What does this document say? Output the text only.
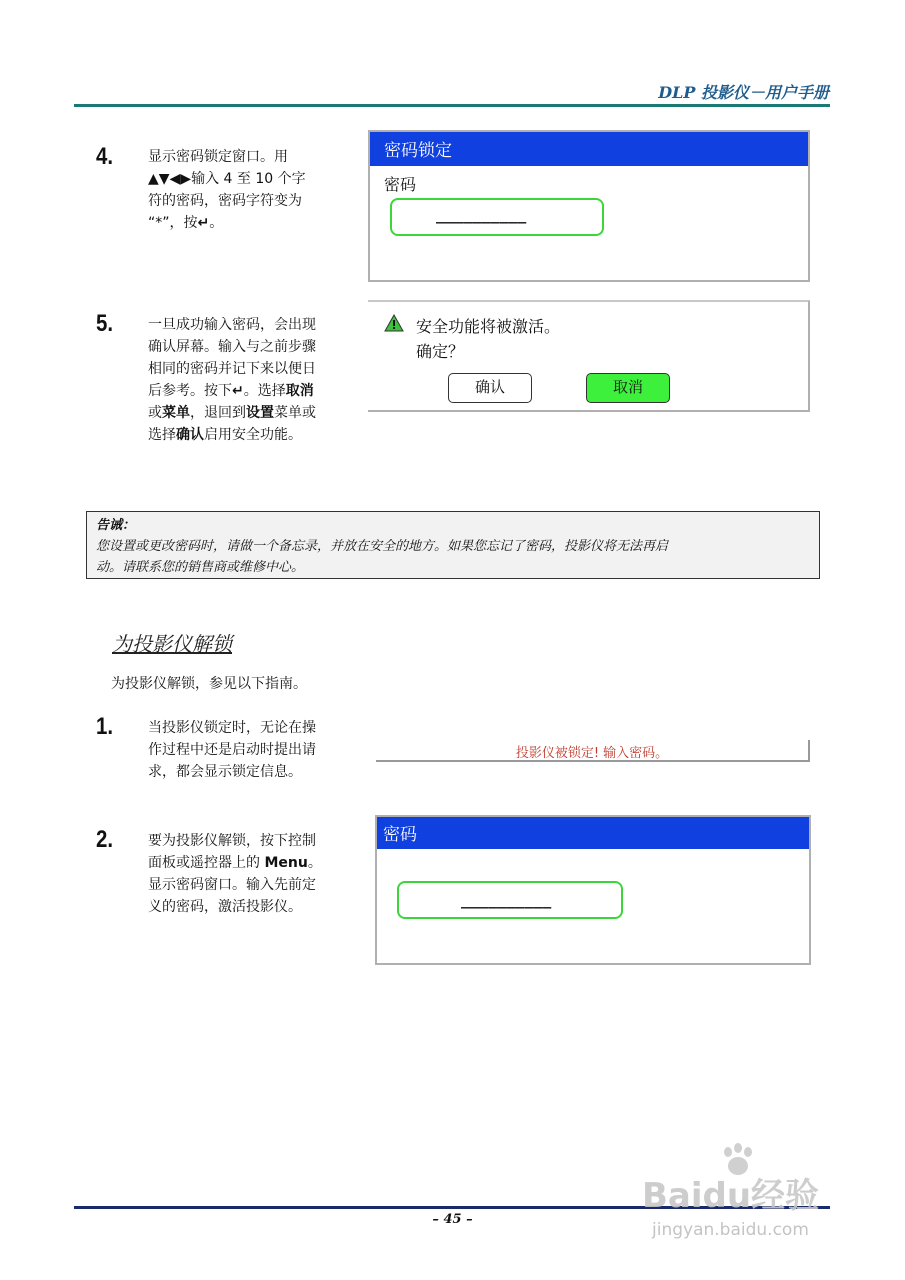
DLP 投影仪－用户手册
4. 显示密码锁定窗口。用
▲▼◀▶输入 4 至 10 个字
符的密码，密码字符变为
“*”，按↵。
密码锁定
密码
__________
5. 一旦成功输入密码，会出现
确认屏幕。输入与之前步骤
相同的密码并记下来以便日
后参考。按下↵。选择取消
或菜单，退回到设置菜单或
选择确认启用安全功能。
安全功能将被激活。
确定？
确认	取消
告诫：
您设置或更改密码时，请做一个备忘录，并放在安全的地方。如果您忘记了密码，投影仪将无法再启
动。请联系您的销售商或维修中心。
为投影仪解锁
为投影仪解锁，参见以下指南。
1. 当投影仪锁定时，无论在操
作过程中还是启动时提出请
求，都会显示锁定信息。
投影仪被锁定! 输入密码。
2. 要为投影仪解锁，按下控制
面板或遥控器上的 Menu。
显示密码窗口。输入先前定
义的密码，激活投影仪。
密码
__________
– 45 –
Baidu经验
jingyan.baidu.com
